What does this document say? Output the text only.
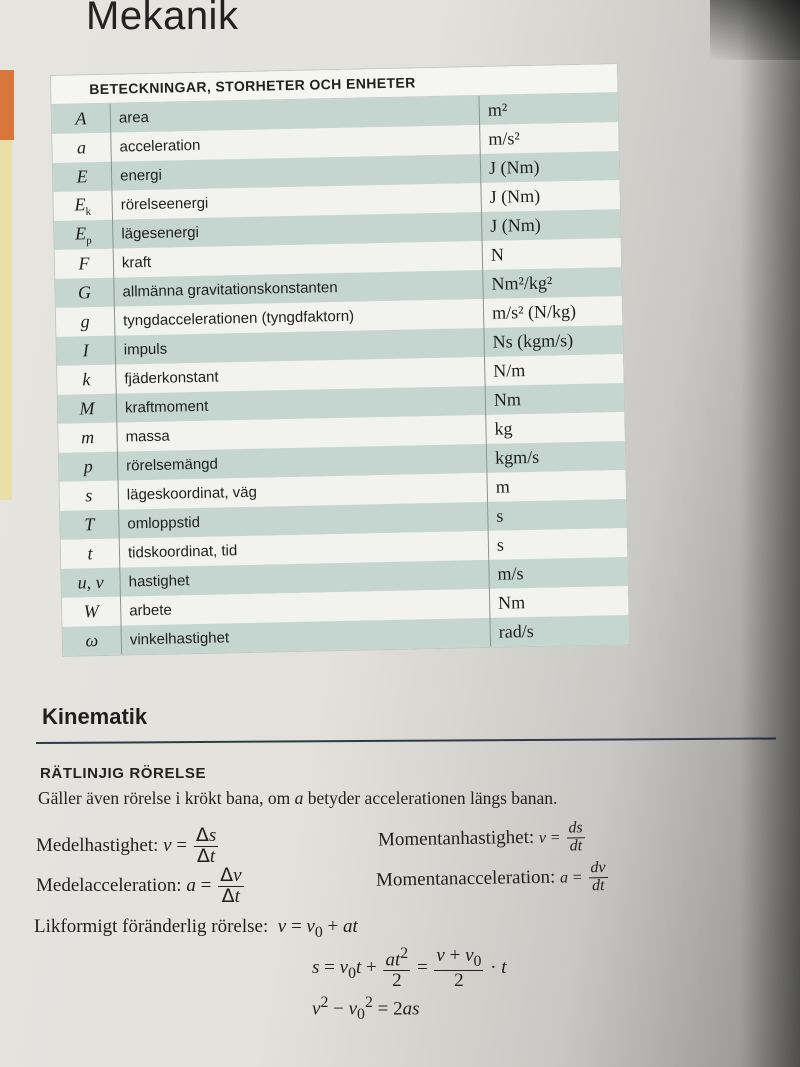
Mekanik
BETECKNINGAR, STORHETER OCH ENHETER
A	area	m²
a	acceleration	m/s²
E	energi	J (Nm)
$E_k$	rörelseenergi	J (Nm)
$E_p$	lägesenergi	J (Nm)
F	kraft	N
G	allmänna gravitationskonstanten	Nm²/kg²
g	tyngdaccelerationen (tyngdfaktorn)	m/s² (N/kg)
I	impuls	Ns (kgm/s)
k	fjäderkonstant	N/m
M	kraftmoment	Nm
m	massa	kg
p	rörelsemängd	kgm/s
s	lägeskoordinat, väg	m
T	omloppstid	s
t	tidskoordinat, tid	s
u, v	hastighet	m/s
W	arbete	Nm
ω	vinkelhastighet	rad/s
Kinematik
RÄTLINJIG RÖRELSE
Gäller även rörelse i krökt bana, om a betyder accelerationen längs banan.
Medelhastighet: $v = \frac{\Delta s}{\Delta t}$	Momentanhastighet: $v = \frac{ds}{dt}$
Medelacceleration: $a = \frac{\Delta v}{\Delta t}$	Momentanacceleration: $a = \frac{dv}{dt}$
Likformigt föränderlig rörelse: $v = v_0$ + at
$s = v_0t + \frac{at^2}{2} = \frac{v + v_0}{2} \cdot t$
$v^2 - v_0^2 = 2as$
